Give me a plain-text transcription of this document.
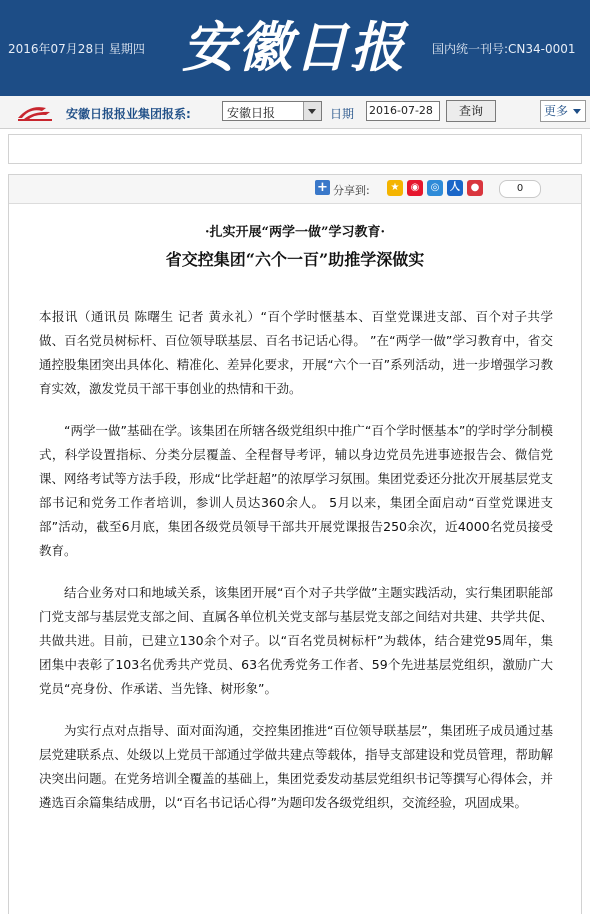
2016年07月28日 星期四 安徽日报	国内统一刊号:CN34-0001
安徽日报报业集团报系:	安徽日报	日期 2016-07-28	查询	更多
+ 分享到:	★	◉	◎	人	●	0
·扎实开展“两学一做”学习教育·
省交控集团“六个一百”助推学深做实

本报讯（通讯员 陈曙生 记者 黄永礼）“百个学时惬基本、百堂党课进支部、百个对子共学做、百名党员树标杆、百位领导联基层、百名书记话心得。 ”在“两学一做”学习教育中，省交通控股集团突出具体化、精准化、差异化要求，开展“六个一百”系列活动，进一步增强学习教育实效，激发党员干部干事创业的热情和干劲。

“两学一做”基础在学。该集团在所辖各级党组织中推广“百个学时惬基本”的学时学分制模式，科学设置指标、分类分层覆盖、全程督导考评，辅以身边党员先进事迹报告会、微信党课、网络考试等方法手段，形成“比学赶超”的浓厚学习氛围。集团党委还分批次开展基层党支部书记和党务工作者培训，参训人员达360余人。 5月以来，集团全面启动“百堂党课进支部”活动，截至6月底，集团各级党员领导干部共开展党课报告250余次，近4000名党员接受教育。

结合业务对口和地域关系，该集团开展“百个对子共学做”主题实践活动，实行集团职能部门党支部与基层党支部之间、直属各单位机关党支部与基层党支部之间结对共建、共学共促、共做共进。目前，已建立130余个对子。以“百名党员树标杆”为载体，结合建党95周年，集团集中表彰了103名优秀共产党员、63名优秀党务工作者、59个先进基层党组织，激励广大党员“亮身份、作承诺、当先锋、树形象”。

为实行点对点指导、面对面沟通，交控集团推进“百位领导联基层”，集团班子成员通过基层党建联系点、处级以上党员干部通过学做共建点等载体，指导支部建设和党员管理，帮助解决突出问题。在党务培训全覆盖的基础上，集团党委发动基层党组织书记等撰写心得体会，并遴选百余篇集结成册，以“百名书记话心得”为题印发各级党组织，交流经验，巩固成果。
